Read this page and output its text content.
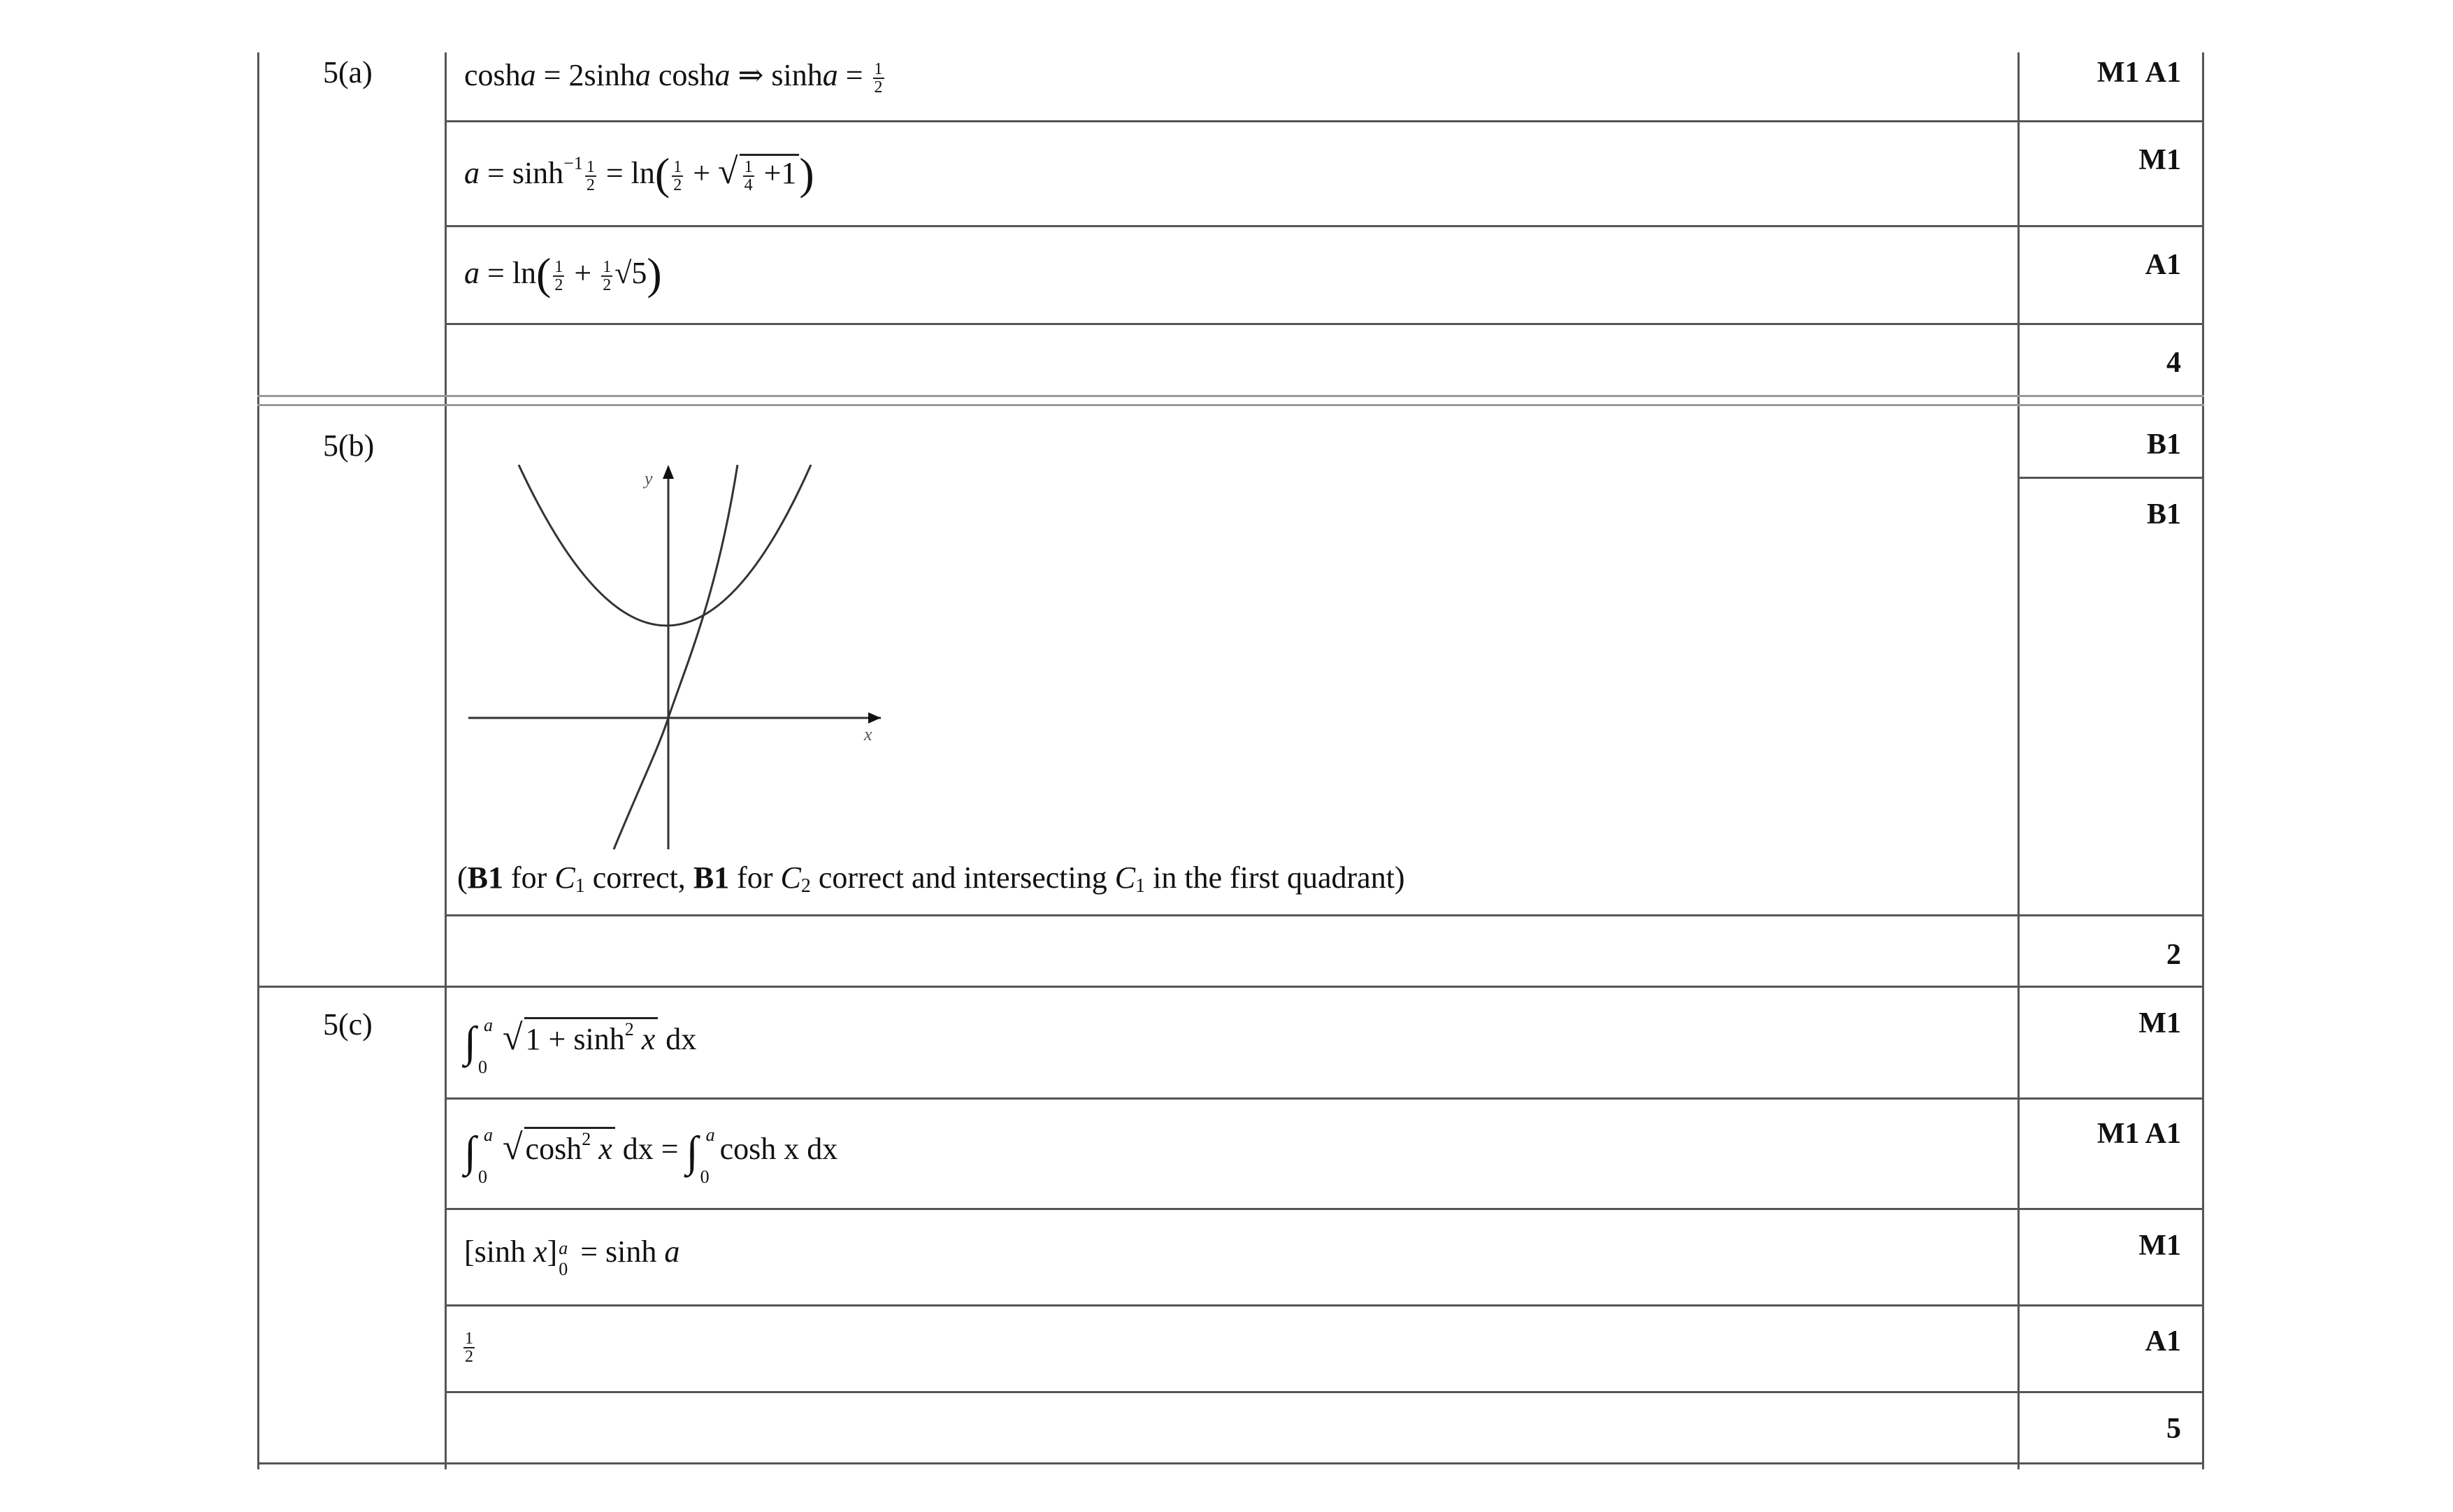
5(a)	cosha = 2sinha cosha ⇒ $\sinh a = \frac{1}{2}$
$a = \sinh^{-1} \frac{1}{2} = \ln( \frac{1}{2}$ + √ $\frac{1}{4} +1$)
$a = \ln( \frac{1}{2} + \frac{1}{2} √5)$
M1 A1
M1
A1
4
5(b)
y
x
(B1 for C1 correct, B1 for C2 correct and intersecting C1 in the first quadrant)
B1
B1
2
5(c) ∫ a
0
$√1 + \sinh^2 x$ dx
∫ a
0
$√\cosh^2$ x dx = ∫ a
0
cosh x dx
[sinh x] a
0
= sinh a
$\frac{1}{2}$
M1
M1 A1
M1
A1
5
